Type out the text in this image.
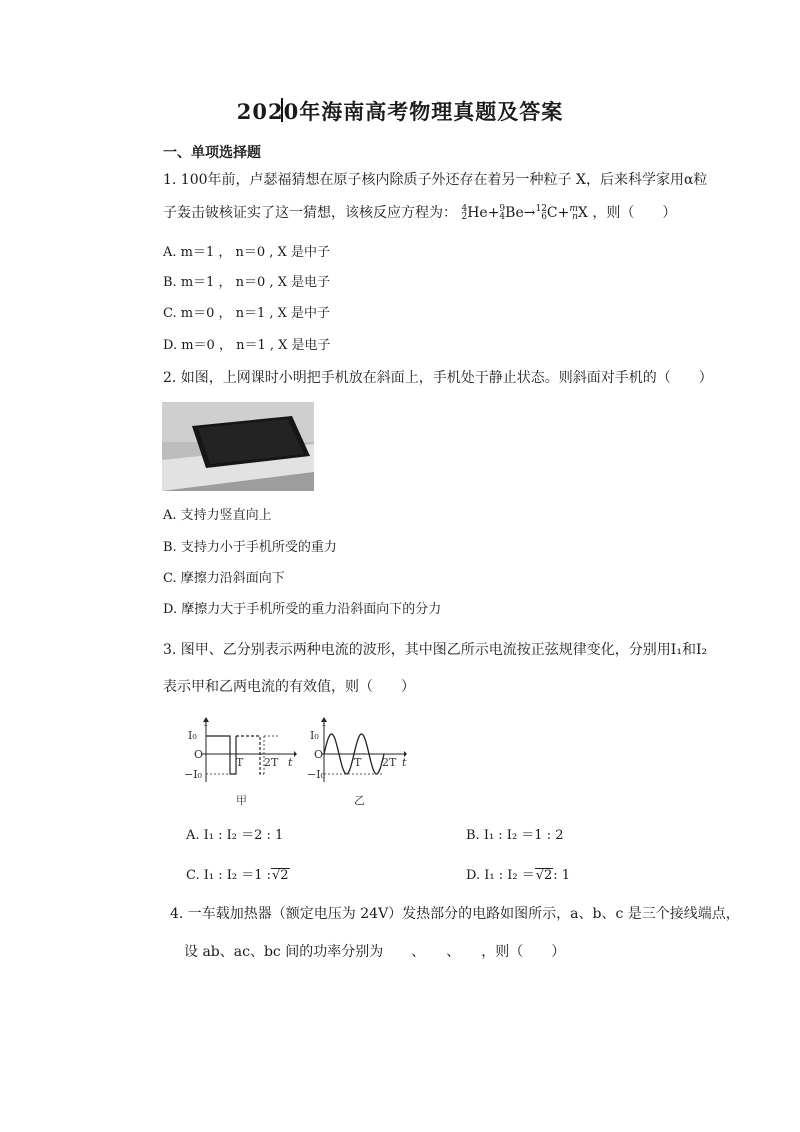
2020年海南高考物理真题及答案
一、单项选择题
1. 100年前，卢瑟福猜想在原子核内除质子外还存在着另一种粒子 X，后来科学家用α粒
子轰击铍核证实了这一猜想，该核反应方程为： 4
2He+9
4Be→12
6C+m
nX ，则（　　）
A. m＝1 ， n＝0 , X 是中子
B. m＝1 ， n＝0 , X 是电子
C. m＝0 ， n＝1 , X 是中子
D. m＝0 ， n＝1 , X 是电子
2. 如图，上网课时小明把手机放在斜面上，手机处于静止状态。则斜面对手机的（　　）
A. 支持力竖直向上
B. 支持力小于手机所受的重力
C. 摩擦力沿斜面向下
D. 摩擦力大于手机所受的重力沿斜面向下的分力
3. 图甲、乙分别表示两种电流的波形，其中图乙所示电流按正弦规律变化，分别用I₁和I₂
表示甲和乙两电流的有效值，则（　　）
i
I₀
O
−I₀
T 2T t
甲
i
I₀
O
−I₀
T 2T t
乙
A. I₁ : I₂ ＝2 : 1	B. I₁ : I₂ ＝1 : 2
C. I₁ : I₂ ＝1 :√2	D. I₁ : I₂ ＝√2: 1
4. 一车载加热器（额定电压为 24V）发热部分的电路如图所示，a、b、c 是三个接线端点，
设 ab、ac、bc 间的功率分别为　　、　　、　　，则（　　）
